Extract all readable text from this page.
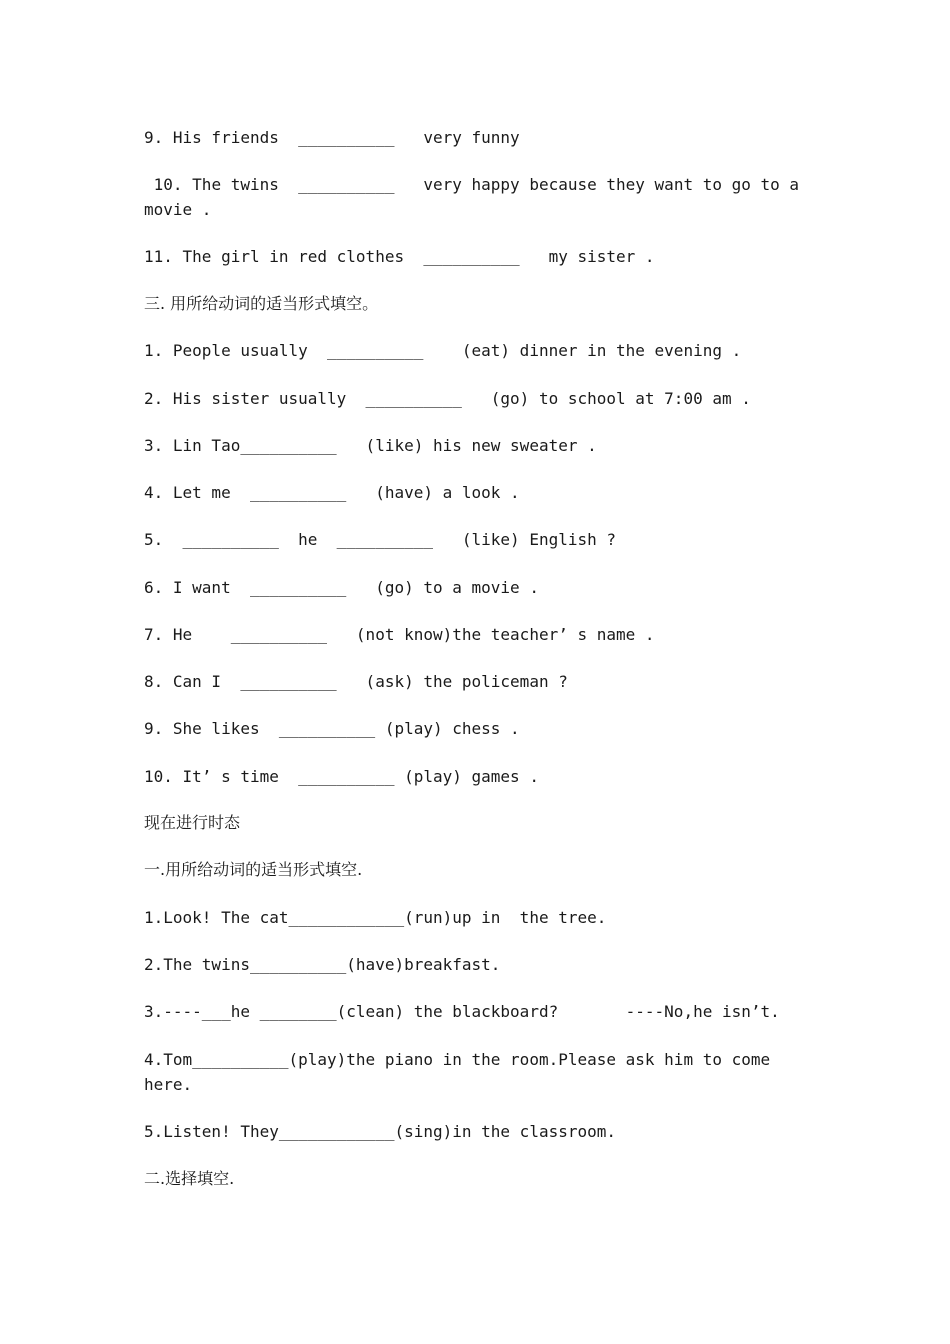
9. His friends  __________   very funny
10. The twins  __________   very happy because they want to go to a movie .
11. The girl in red clothes  __________   my sister .
三. 用所给动词的适当形式填空。
1. People usually  __________    (eat) dinner in the evening .
2. His sister usually  __________   (go) to school at 7:00 am .
3. Lin Tao__________   (like) his new sweater .
4. Let me  __________   (have) a look .
5.  __________  he  __________   (like) English ?
6. I want  __________   (go) to a movie .
7. He    __________   (not know)the teacher’ s name .
8. Can I  __________   (ask) the policeman ?
9. She likes  __________ (play) chess .
10. It’ s time  __________ (play) games .
现在进行时态
一.用所给动词的适当形式填空.
1.Look! The cat____________(run)up in  the tree.
2.The twins__________(have)breakfast.
3.----___he ________(clean) the blackboard?       ----No,he isn’t.
4.Tom__________(play)the piano in the room.Please ask him to come here.
5.Listen! They____________(sing)in the classroom.
二.选择填空.
